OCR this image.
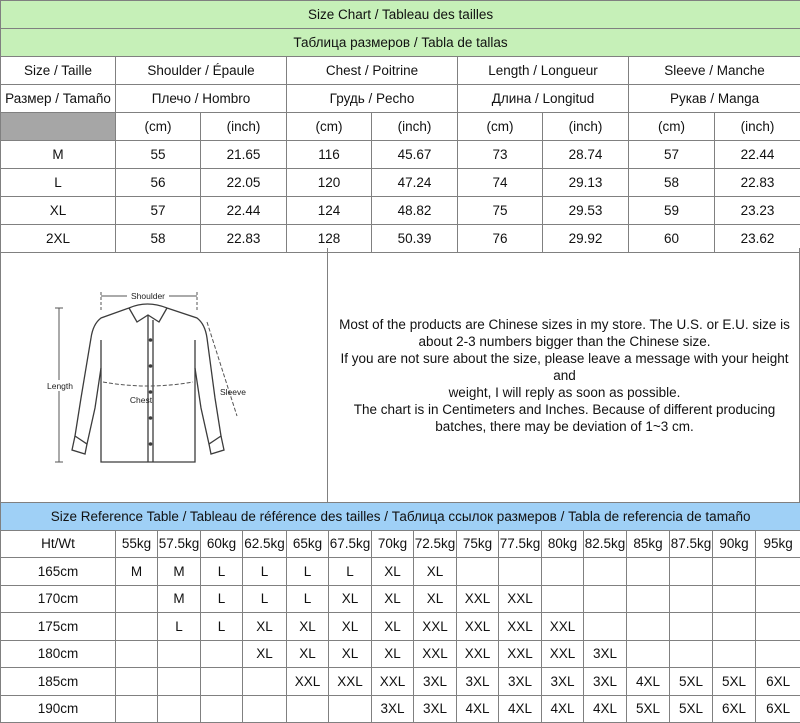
Size Chart / Tableau des tailles								
Таблица размеров / Tabla de tallas								
Size / Taille	Shoulder / Épaule		Chest / Poitrine		Length / Longueur		Sleeve / Manche	
Размер / Tamaño	Плечо / Hombro		Грудь / Pecho		Длина / Longitud		Рукав / Manga	
	(cm)	(inch)	(cm)	(inch)	(cm)	(inch)	(cm)	(inch)
M	55	21.65	116	45.67	73	28.74	57	22.44
L	56	22.05	120	47.24	74	29.13	58	22.83
XL	57	22.44	124	48.82	75	29.53	59	23.23
2XL	58	22.83	128	50.39	76	29.92	60	23.62
Shoulder
Chest
Length
Sleeve

Most of the products are Chinese sizes in my store. The U.S. or E.U. size is
about 2-3 numbers bigger than the Chinese size.
If you are not sure about the size, please leave a message with your height and
weight, I will reply as soon as possible.
The chart is in Centimeters and Inches. Because of different producing
batches, there may be deviation of 1~3 cm.

Size Reference Table / Tableau de référence des tailles / Таблица ссылок размеров / Tabla de referencia de tamaño																
Ht/Wt	55kg	57.5kg	60kg	62.5kg	65kg	67.5kg	70kg	72.5kg	75kg	77.5kg	80kg	82.5kg	85kg	87.5kg	90kg	95kg
165cm	M	M	L	L	L	L	XL	XL								
170cm		M	L	L	L	XL	XL	XL	XXL	XXL						
175cm		L	L	XL	XL	XL	XL	XXL	XXL	XXL	XXL					
180cm				XL	XL	XL	XL	XXL	XXL	XXL	XXL	3XL				
185cm					XXL	XXL	XXL	3XL	3XL	3XL	3XL	3XL	4XL	5XL	5XL	6XL
190cm							3XL	3XL	4XL	4XL	4XL	4XL	5XL	5XL	6XL	6XL
